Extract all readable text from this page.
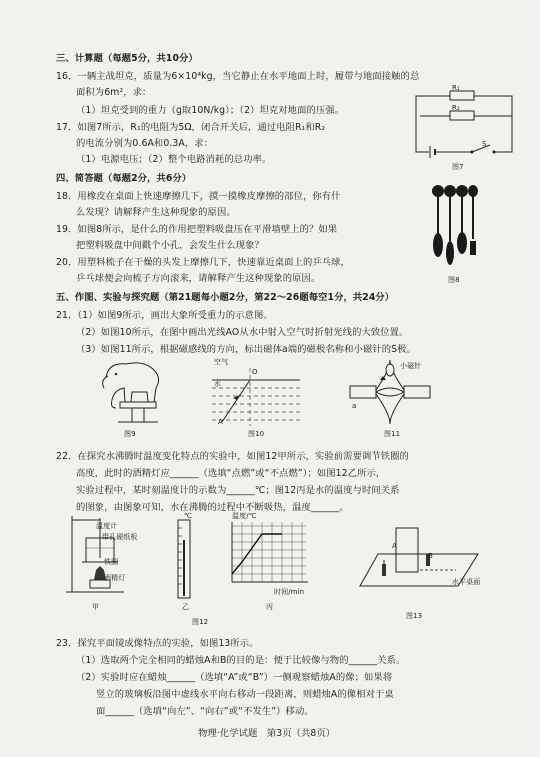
三、计算题（每题5分，共10分）
16．一辆主战坦克，质量为6×10⁴kg，当它静止在水平地面上时，履带与地面接触的总
面积为6m²，求：
（1）坦克受到的重力（g取10N/kg）；（2）坦克对地面的压强。
17．如图7所示，R₁的电阻为5Ω，闭合开关后，通过电阻R₁和R₂
的电流分别为0.6A和0.3A，求：
（1）电源电压；（2）整个电路消耗的总功率。
R₁
R₂
S
图7
四、简答题（每题2分，共6分）
18．用橡皮在桌面上快速摩擦几下，摸一摸橡皮摩擦的部位，你有什
么发现？请解释产生这种现象的原因。
19．如图8所示，是什么的作用把塑料吸盘压在平滑墙壁上的？如果
把塑料吸盘中间戳个小孔，会发生什么现象？
20．用塑料梳子在干燥的头发上摩擦几下，快速靠近桌面上的乒乓球，
乒乓球便会向梳子方向滚来，请解释产生这种现象的原因。	图8
五、作图、实验与探究题（第21题每小题2分，第22～26题每空1分，共24分）
21．（1）如图9所示，画出大象所受重力的示意图。
（2）如图10所示，在图中画出光线AO从水中射入空气时折射光线的大致位置。
（3）如图11所示，根据磁感线的方向，标出磁体a端的磁极名称和小磁针的S极。
图9
空气
水
O
A
图10
小磁针
a
图11
22．在探究水沸腾时温度变化特点的实验中，如图12甲所示，实验前需要调节铁圈的
高度，此时的酒精灯应______（选填“点燃”或“不点燃”）；如图12乙所示，
实验过程中，某时刻温度计的示数为______℃；图12丙是水的温度与时间关系
的图象，由图象可知，水在沸腾的过程中不断吸热，温度______。
温度计
带孔硬纸板
铁圈
酒精灯
甲
℃
乙
温度/℃
时间/min
丙
图12
A
B
水平桌面
图13
23．探究平面镜成像特点的实验，如图13所示。
（1）选取两个完全相同的蜡烛A和B的目的是：便于比较像与物的______关系。
（2）实验时应在蜡烛______（选填“A”或“B”）一侧观察蜡烛A的像；如果将
竖立的玻璃板沿图中虚线水平向右移动一段距离，则蜡烛A的像相对于桌
面______（选填“向左”、“向右”或“不发生”）移动。
物理·化学试题　第3页（共8页）
